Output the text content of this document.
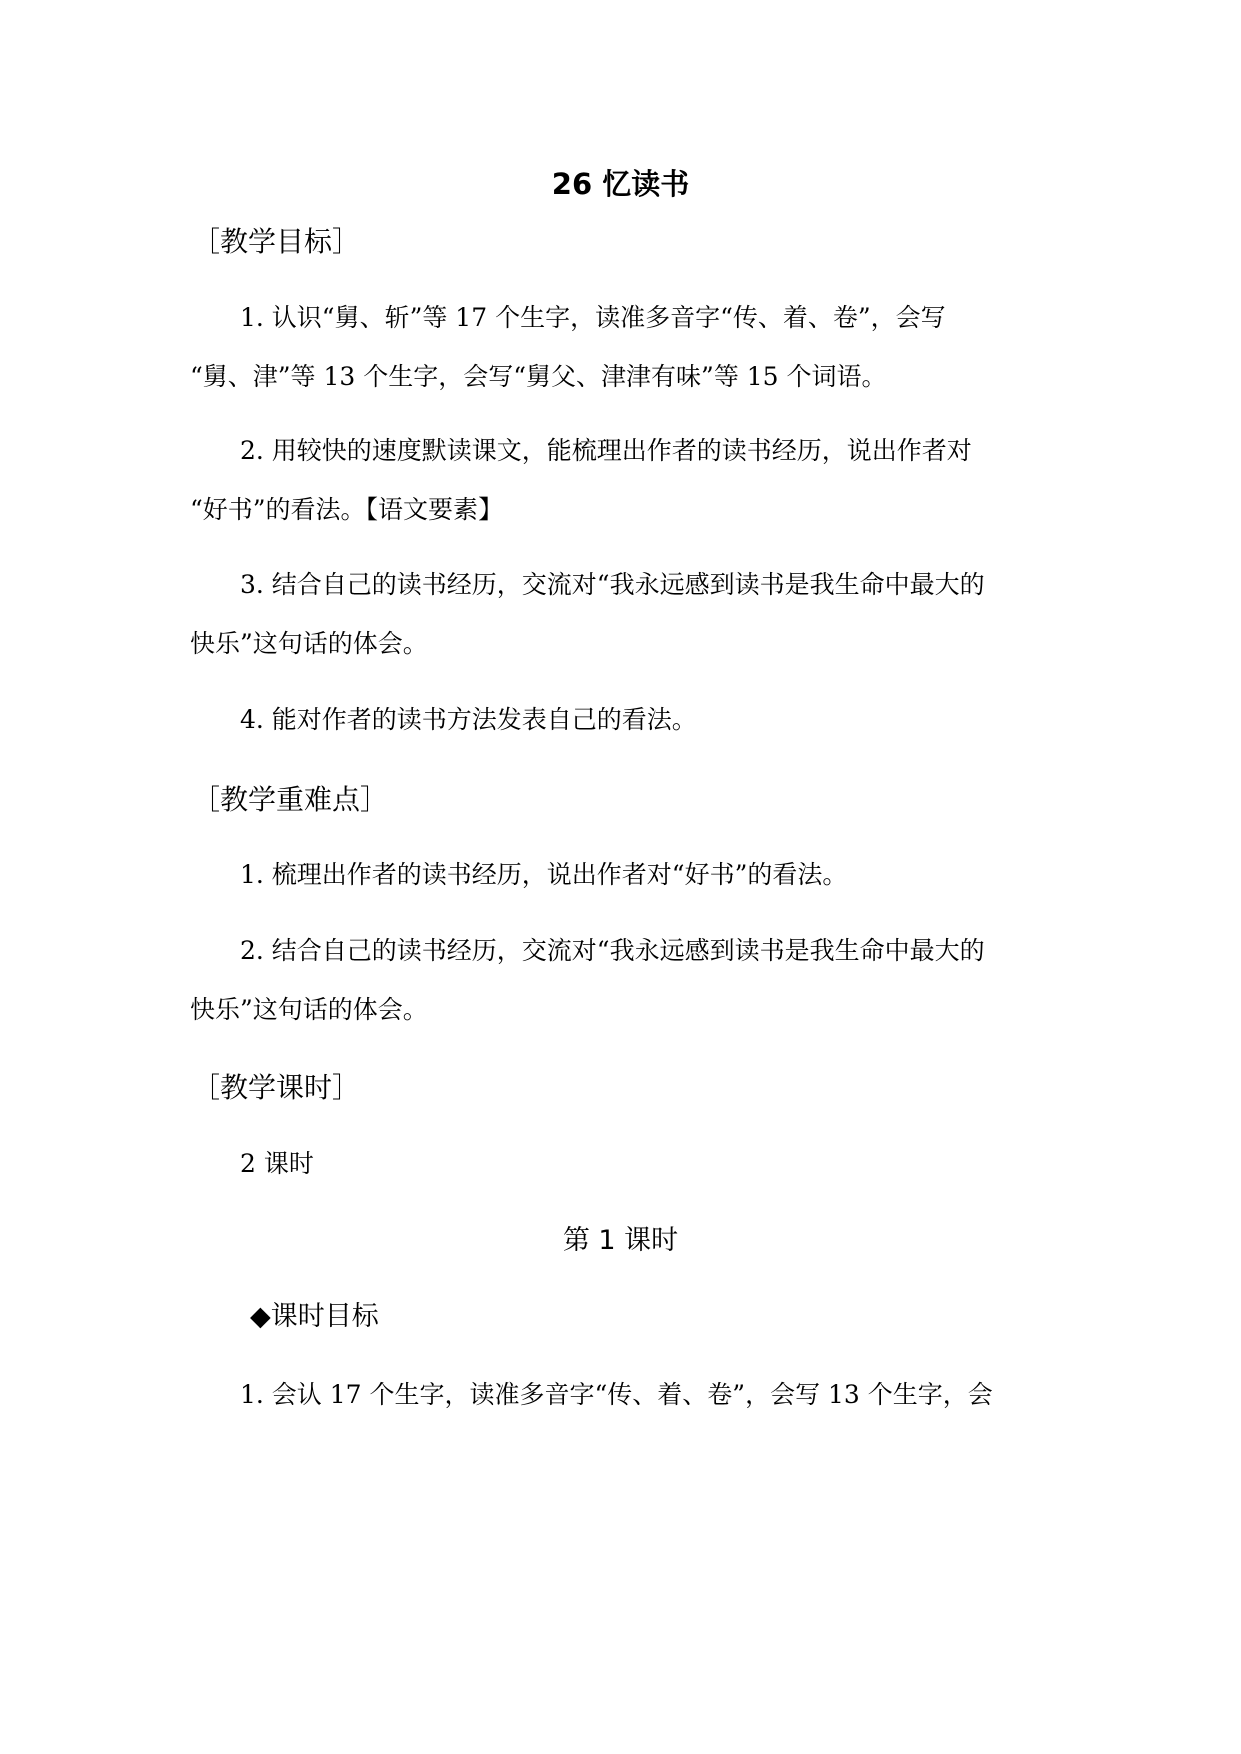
26 忆读书
［教学目标］
1. 认识“舅、斩”等 17 个生字，读准多音字“传、着、卷”，会写
“舅、津”等 13 个生字，会写“舅父、津津有味”等 15 个词语。
2. 用较快的速度默读课文，能梳理出作者的读书经历，说出作者对
“好书”的看法。【语文要素】
3. 结合自己的读书经历，交流对“我永远感到读书是我生命中最大的
快乐”这句话的体会。
4. 能对作者的读书方法发表自己的看法。
［教学重难点］
1. 梳理出作者的读书经历，说出作者对“好书”的看法。
2. 结合自己的读书经历，交流对“我永远感到读书是我生命中最大的
快乐”这句话的体会。
［教学课时］
2 课时
第 1 课时
◆课时目标
1. 会认 17 个生字，读准多音字“传、着、卷”，会写 13 个生字，会
